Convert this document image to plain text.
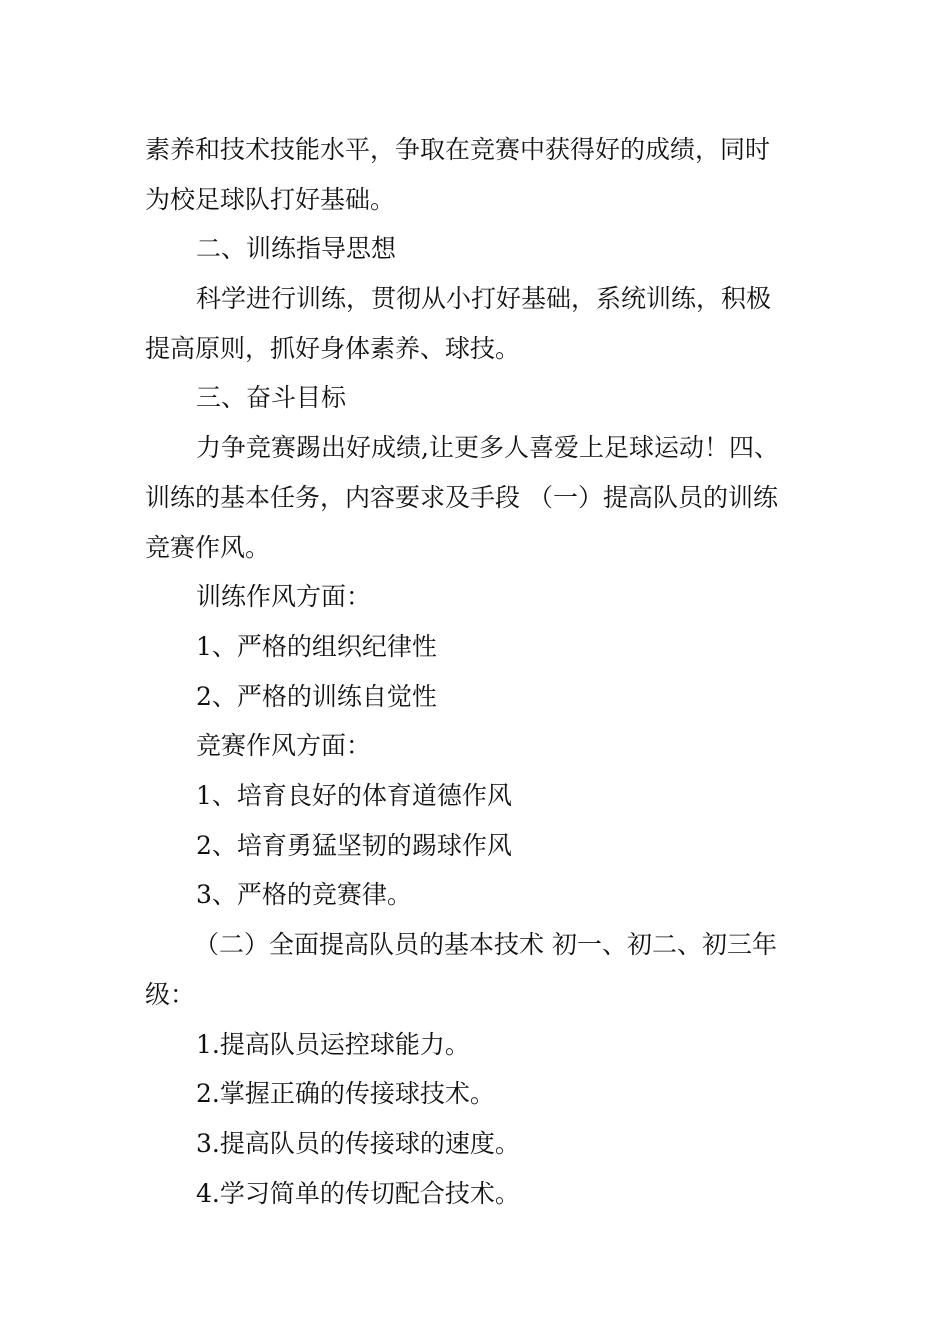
素养和技术技能水平，争取在竞赛中获得好的成绩，同时
为校足球队打好基础。
二、训练指导思想
科学进行训练，贯彻从小打好基础，系统训练，积极
提高原则，抓好身体素养、球技。
三、奋斗目标
力争竞赛踢出好成绩,让更多人喜爱上足球运动！四、
训练的基本任务，内容要求及手段 （一）提高队员的训练
竞赛作风。
训练作风方面：
1、严格的组织纪律性
2、严格的训练自觉性
竞赛作风方面：
1、培育良好的体育道德作风
2、培育勇猛坚韧的踢球作风
3、严格的竞赛律。
（二）全面提高队员的基本技术 初一、初二、初三年
级：
1.提高队员运控球能力。
2.掌握正确的传接球技术。
3.提高队员的传接球的速度。
4.学习简单的传切配合技术。
